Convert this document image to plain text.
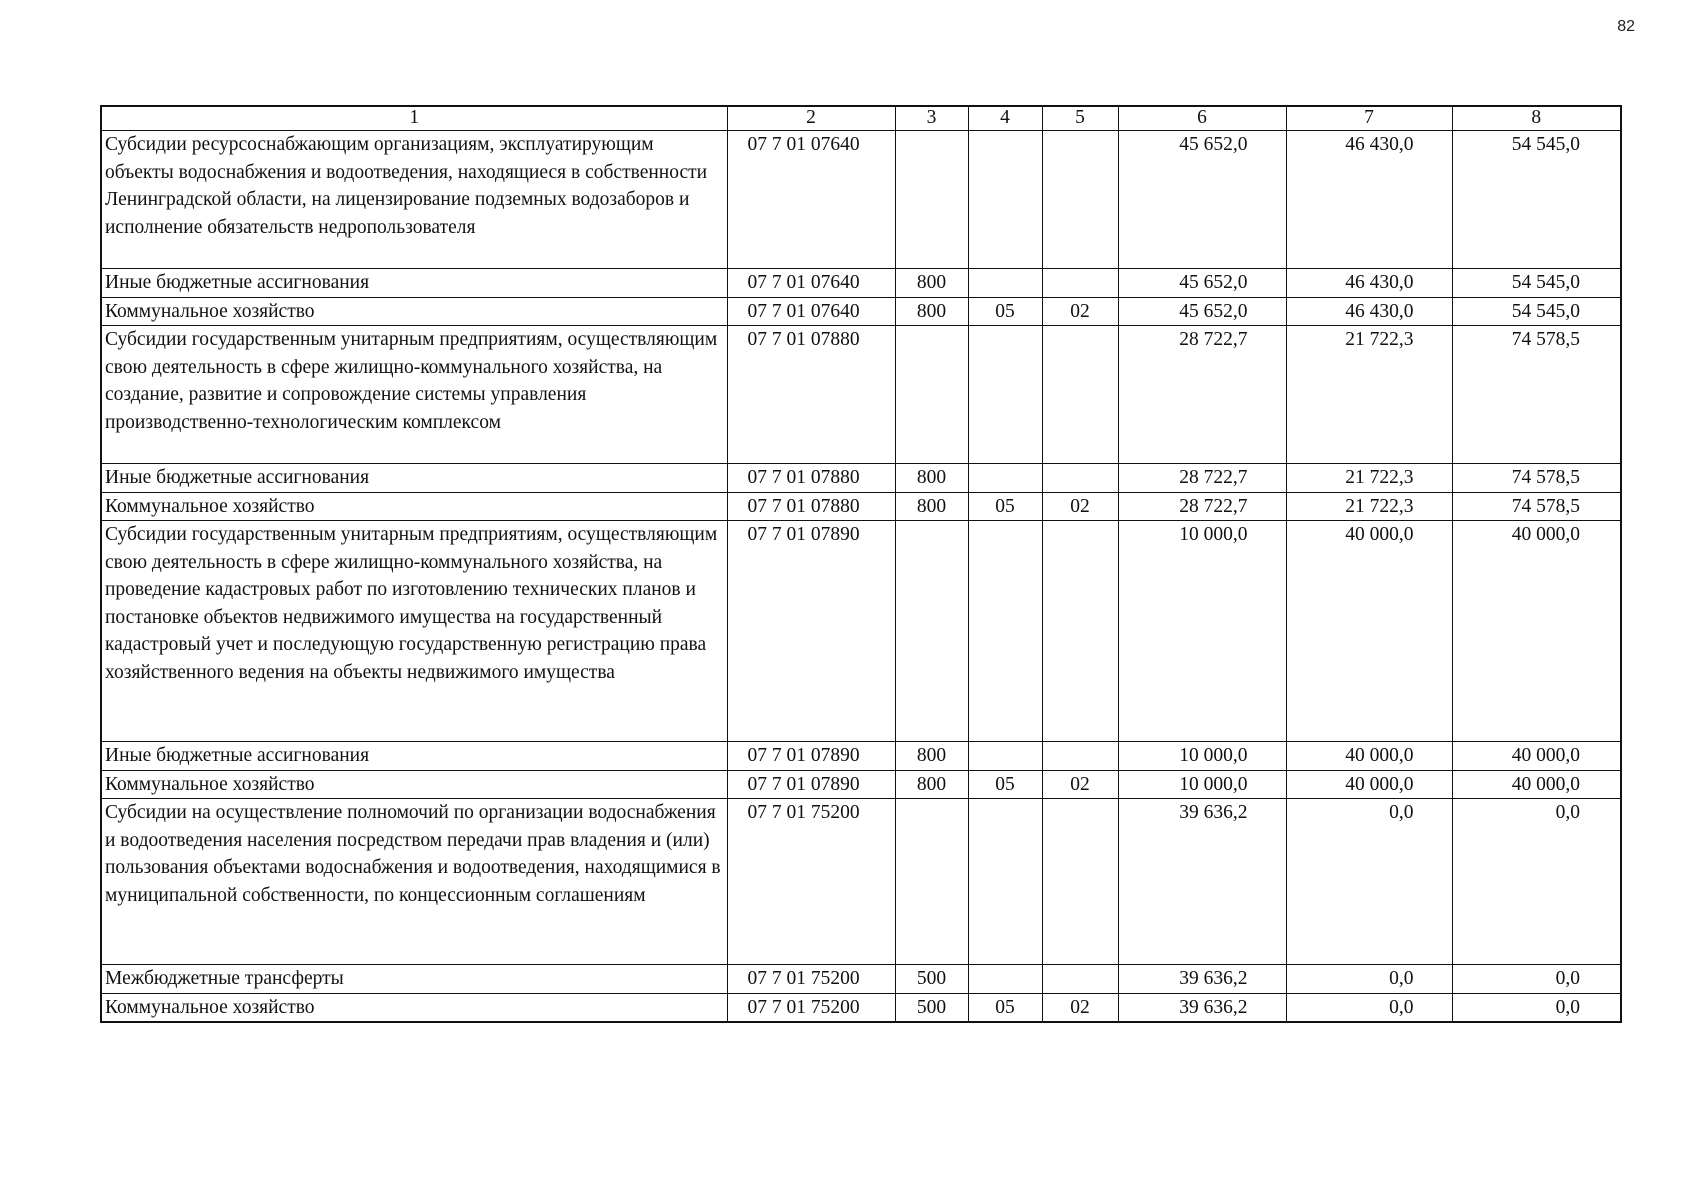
82
1	2	3	4	5	6	7	8
Субсидии ресурсоснабжающим организациям, эксплуатирующим объекты водоснабжения и водоотведения, находящиеся в собственности Ленинградской области, на лицензирование подземных водозаборов и исполнение обязательств недропользователя	07 7 01 07640				45 652,0	46 430,0	54 545,0
Иные бюджетные ассигнования	07 7 01 07640	800			45 652,0	46 430,0	54 545,0
Коммунальное хозяйство	07 7 01 07640	800	05	02	45 652,0	46 430,0	54 545,0
Субсидии государственным унитарным предприятиям, осуществляющим свою деятельность в сфере жилищно-коммунального хозяйства, на создание, развитие и сопровождение системы управления производственно-технологическим комплексом	07 7 01 07880				28 722,7	21 722,3	74 578,5
Иные бюджетные ассигнования	07 7 01 07880	800			28 722,7	21 722,3	74 578,5
Коммунальное хозяйство	07 7 01 07880	800	05	02	28 722,7	21 722,3	74 578,5
Субсидии государственным унитарным предприятиям, осуществляющим свою деятельность в сфере жилищно-коммунального хозяйства, на проведение кадастровых работ по изготовлению технических планов и постановке объектов недвижимого имущества на государственный кадастровый учет и последующую государственную регистрацию права хозяйственного ведения на объекты недвижимого имущества	07 7 01 07890				10 000,0	40 000,0	40 000,0
Иные бюджетные ассигнования	07 7 01 07890	800			10 000,0	40 000,0	40 000,0
Коммунальное хозяйство	07 7 01 07890	800	05	02	10 000,0	40 000,0	40 000,0
Субсидии на осуществление полномочий по организации водоснабжения и водоотведения населения посредством передачи прав владения и (или) пользования объектами водоснабжения и водоотведения, находящимися в муниципальной собственности, по концессионным соглашениям	07 7 01 75200				39 636,2	0,0	0,0
Межбюджетные трансферты	07 7 01 75200	500			39 636,2	0,0	0,0
Коммунальное хозяйство	07 7 01 75200	500	05	02	39 636,2	0,0	0,0
